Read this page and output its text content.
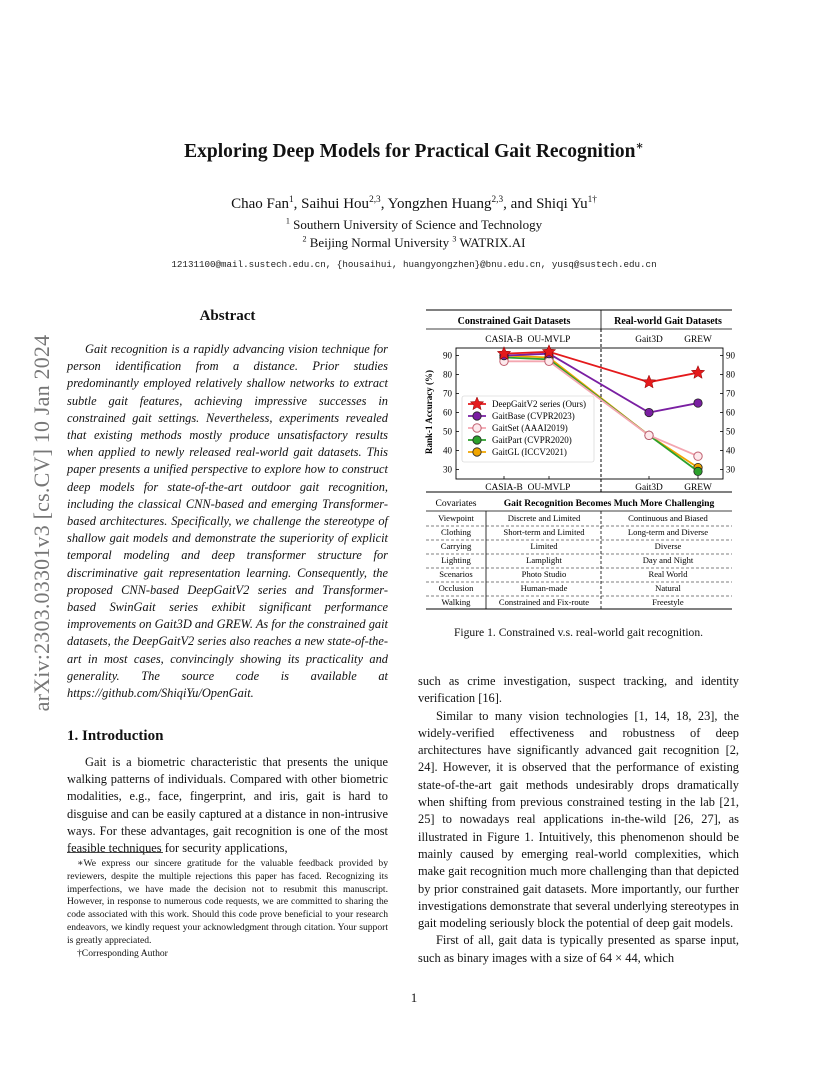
arXiv:2303.03301v3 [cs.CV] 10 Jan 2024
Exploring Deep Models for Practical Gait Recognition∗
Chao Fan$^1$, Saihui Hou$^{2,3}$, Yongzhen Huang$^{2,3}$, and Shiqi $Yu^{1\dagger}$
$^1$ Southern University of Science and Technology
$^2$ Beijing Normal University $^3$ WATRIX.AI
12131100@mail.sustech.edu.cn, {housaihui, huangyongzhen}@bnu.edu.cn, yusq@sustech.edu.cn
Abstract

Gait recognition is a rapidly advancing vision technique for person identification from a distance. Prior studies predominantly employed relatively shallow networks to extract subtle gait features, achieving impressive successes in constrained gait settings. Nevertheless, experiments revealed that existing methods mostly produce unsatisfactory results when applied to newly released real-world gait datasets. This paper presents a unified perspective to explore how to construct deep models for state-of-the-art outdoor gait recognition, including the classical CNN-based and emerging Transformer-based architectures. Specifically, we challenge the stereotype of shallow gait models and demonstrate the superiority of explicit temporal modeling and deep transformer structure for discriminative gait representation learning. Consequently, the proposed CNN-based DeepGaitV2 series and Transformer-based SwinGait series exhibit significant performance improvements on Gait3D and GREW. As for the constrained gait datasets, the DeepGaitV2 series also reaches a new state-of-the-art in most cases, convincingly showing its practicality and generality. The source code is available at https://github.com/ShiqiYu/OpenGait.

1. Introduction

Gait is a biometric characteristic that presents the unique walking patterns of individuals. Compared with other biometric modalities, e.g., face, fingerprint, and iris, gait is hard to disguise and can be easily captured at a distance in non-intrusive ways. For these advantages, gait recognition is one of the most feasible techniques for security applications,

∗We express our sincere gratitude for the valuable feedback provided by reviewers, despite the multiple rejections this paper has faced. Recognizing its imperfections, we have made the decision not to resubmit this manuscript. However, in response to numerous code requests, we are committed to sharing the code associated with this work. Should this code prove beneficial to your research endeavors, we kindly request your acknowledgment through citation. Your support is greatly appreciated.

†Corresponding Author

Constrained Gait Datasets	Real-world Gait Datasets
Rank-1 Accuracy (%)
30	30
40	40
50	50
60	60
70	70
80	80
90	90
CASIA-B
CASIA-B
OU-MVLP
OU-MVLP
Gait3D
Gait3D
GREW
GREW
DeepGaitV2 series (Ours)
GaitBase (CVPR2023)
GaitSet (AAAI2019)
GaitPart (CVPR2020)
GaitGL (ICCV2021)
Covariates	Gait Recognition Becomes Much More Challenging
Viewpoint	Discrete and Limited	Continuous and Biased
Clothing	Short-term and Limited	Long-term and Diverse
Carrying	Limited	Diverse
Lighting	Lamplight	Day and Night
Scenarios	Photo Studio	Real World
Occlusion	Human-made	Natural
Walking	Constrained and Fix-route	Freestyle
Figure 1. Constrained v.s. real-world gait recognition.

such as crime investigation, suspect tracking, and identity verification [16].

Similar to many vision technologies [1, 14, 18, 23], the widely-verified effectiveness and robustness of deep architectures have significantly advanced gait recognition [2, 24]. However, it is observed that the performance of existing state-of-the-art gait methods undesirably drops dramatically when shifting from previous constrained testing in the lab [21, 25] to nowadays real applications in-the-wild [26, 27], as illustrated in Figure 1. Intuitively, this phenomenon should be mainly caused by emerging real-world complexities, which make gait recognition much more challenging than that depicted by prior constrained gait datasets. More importantly, our further investigations demonstrate that several underlying stereotypes in gait modeling seriously block the potential of deep gait models.

First of all, gait data is typically presented as sparse input, such as binary images with a size of 64 × 44, which

1
